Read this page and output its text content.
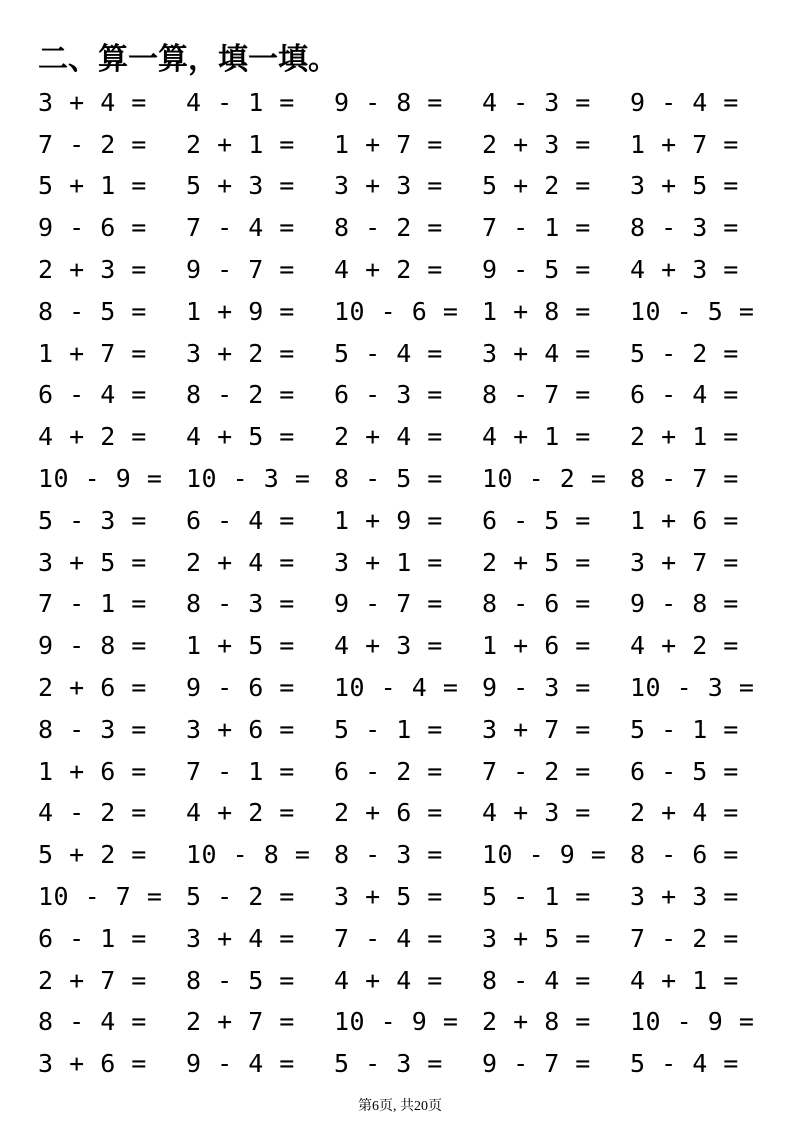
二、算一算，填一填。
3 + 4 =	4 - 1 =	9 - 8 =	4 - 3 =	9 - 4 =
7 - 2 =	2 + 1 =	1 + 7 =	2 + 3 =	1 + 7 =
5 + 1 =	5 + 3 =	3 + 3 =	5 + 2 =	3 + 5 =
9 - 6 =	7 - 4 =	8 - 2 =	7 - 1 =	8 - 3 =
2 + 3 =	9 - 7 =	4 + 2 =	9 - 5 =	4 + 3 =
8 - 5 =	1 + 9 =	10 - 6 = 1 + 8 =	10 - 5 =
1 + 7 =	3 + 2 =	5 - 4 =	3 + 4 =	5 - 2 =
6 - 4 =	8 - 2 =	6 - 3 =	8 - 7 =	6 - 4 =
4 + 2 =	4 + 5 =	2 + 4 =	4 + 1 =	2 + 1 =
10 - 9 = 10 - 3 = 8 - 5 =	10 - 2 = 8 - 7 =
5 - 3 =	6 - 4 =	1 + 9 =	6 - 5 =	1 + 6 =
3 + 5 =	2 + 4 =	3 + 1 =	2 + 5 =	3 + 7 =
7 - 1 =	8 - 3 =	9 - 7 =	8 - 6 =	9 - 8 =
9 - 8 =	1 + 5 =	4 + 3 =	1 + 6 =	4 + 2 =
2 + 6 =	9 - 6 =	10 - 4 = 9 - 3 =	10 - 3 =
8 - 3 =	3 + 6 =	5 - 1 =	3 + 7 =	5 - 1 =
1 + 6 =	7 - 1 =	6 - 2 =	7 - 2 =	6 - 5 =
4 - 2 =	4 + 2 =	2 + 6 =	4 + 3 =	2 + 4 =
5 + 2 =	10 - 8 = 8 - 3 =	10 - 9 = 8 - 6 =
10 - 7 = 5 - 2 =	3 + 5 =	5 - 1 =	3 + 3 =
6 - 1 =	3 + 4 =	7 - 4 =	3 + 5 =	7 - 2 =
2 + 7 =	8 - 5 =	4 + 4 =	8 - 4 =	4 + 1 =
8 - 4 =	2 + 7 =	10 - 9 = 2 + 8 =	10 - 9 =
3 + 6 =	9 - 4 =	5 - 3 =	9 - 7 =	5 - 4 =
第6页, 共20页
